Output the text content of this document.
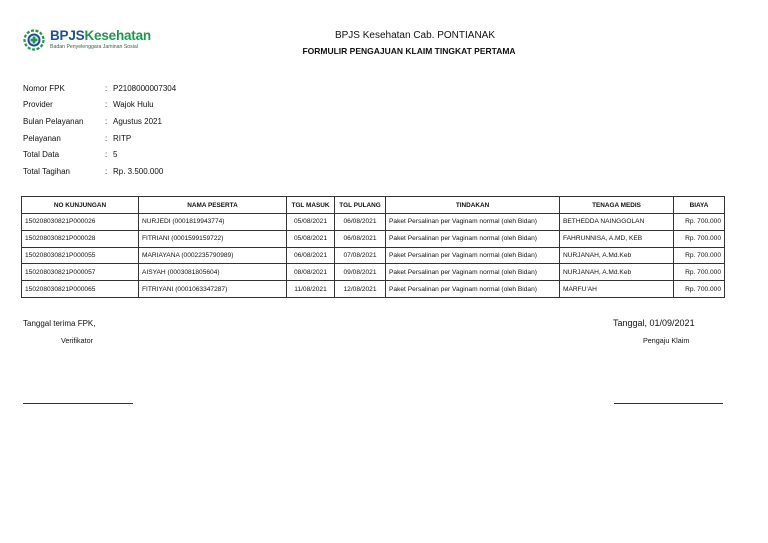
BPJSKesehatan
Badan Penyelenggara Jaminan Sosial
BPJS Kesehatan Cab. PONTIANAK
FORMULIR PENGAJUAN KLAIM TINGKAT PERTAMA
Nomor FPK	: P2108000007304
Provider	: Wajok Hulu
Bulan Pelayanan	: Agustus 2021
Pelayanan	: RITP
Total Data	: 5
Total Tagihan	: Rp. 3.500.000
NO KUNJUNGAN	NAMA PESERTA	TGL MASUK	TGL PULANG	TINDAKAN	TENAGA MEDIS	BIAYA
150208030821P000026	NURJEDI (0001819943774)	05/08/2021	06/08/2021	Paket Persalinan per Vaginam normal (oleh Bidan)	BETHEDDA NAINGGOLAN	Rp. 700.000
150208030821P000028	FITRIANI (0001599159722)	05/08/2021	06/08/2021	Paket Persalinan per Vaginam normal (oleh Bidan)	FAHRUNNISA, A.MD, KEB	Rp. 700.000
150208030821P000055	MARIAYANA (0002235790989)	06/08/2021	07/08/2021	Paket Persalinan per Vaginam normal (oleh Bidan)	NURJANAH, A.Md.Keb	Rp. 700.000
150208030821P000057	AISYAH (0003081805604)	08/08/2021	09/08/2021	Paket Persalinan per Vaginam normal (oleh Bidan)	NURJANAH, A.Md.Keb	Rp. 700.000
150208030821P000065	FITRIYANI (0001063347287)	11/08/2021	12/08/2021	Paket Persalinan per Vaginam normal (oleh Bidan)	MARFU'AH	Rp. 700.000
Tanggal terima FPK,
Verifikator
Tanggal, 01/09/2021
Pengaju Klaim
